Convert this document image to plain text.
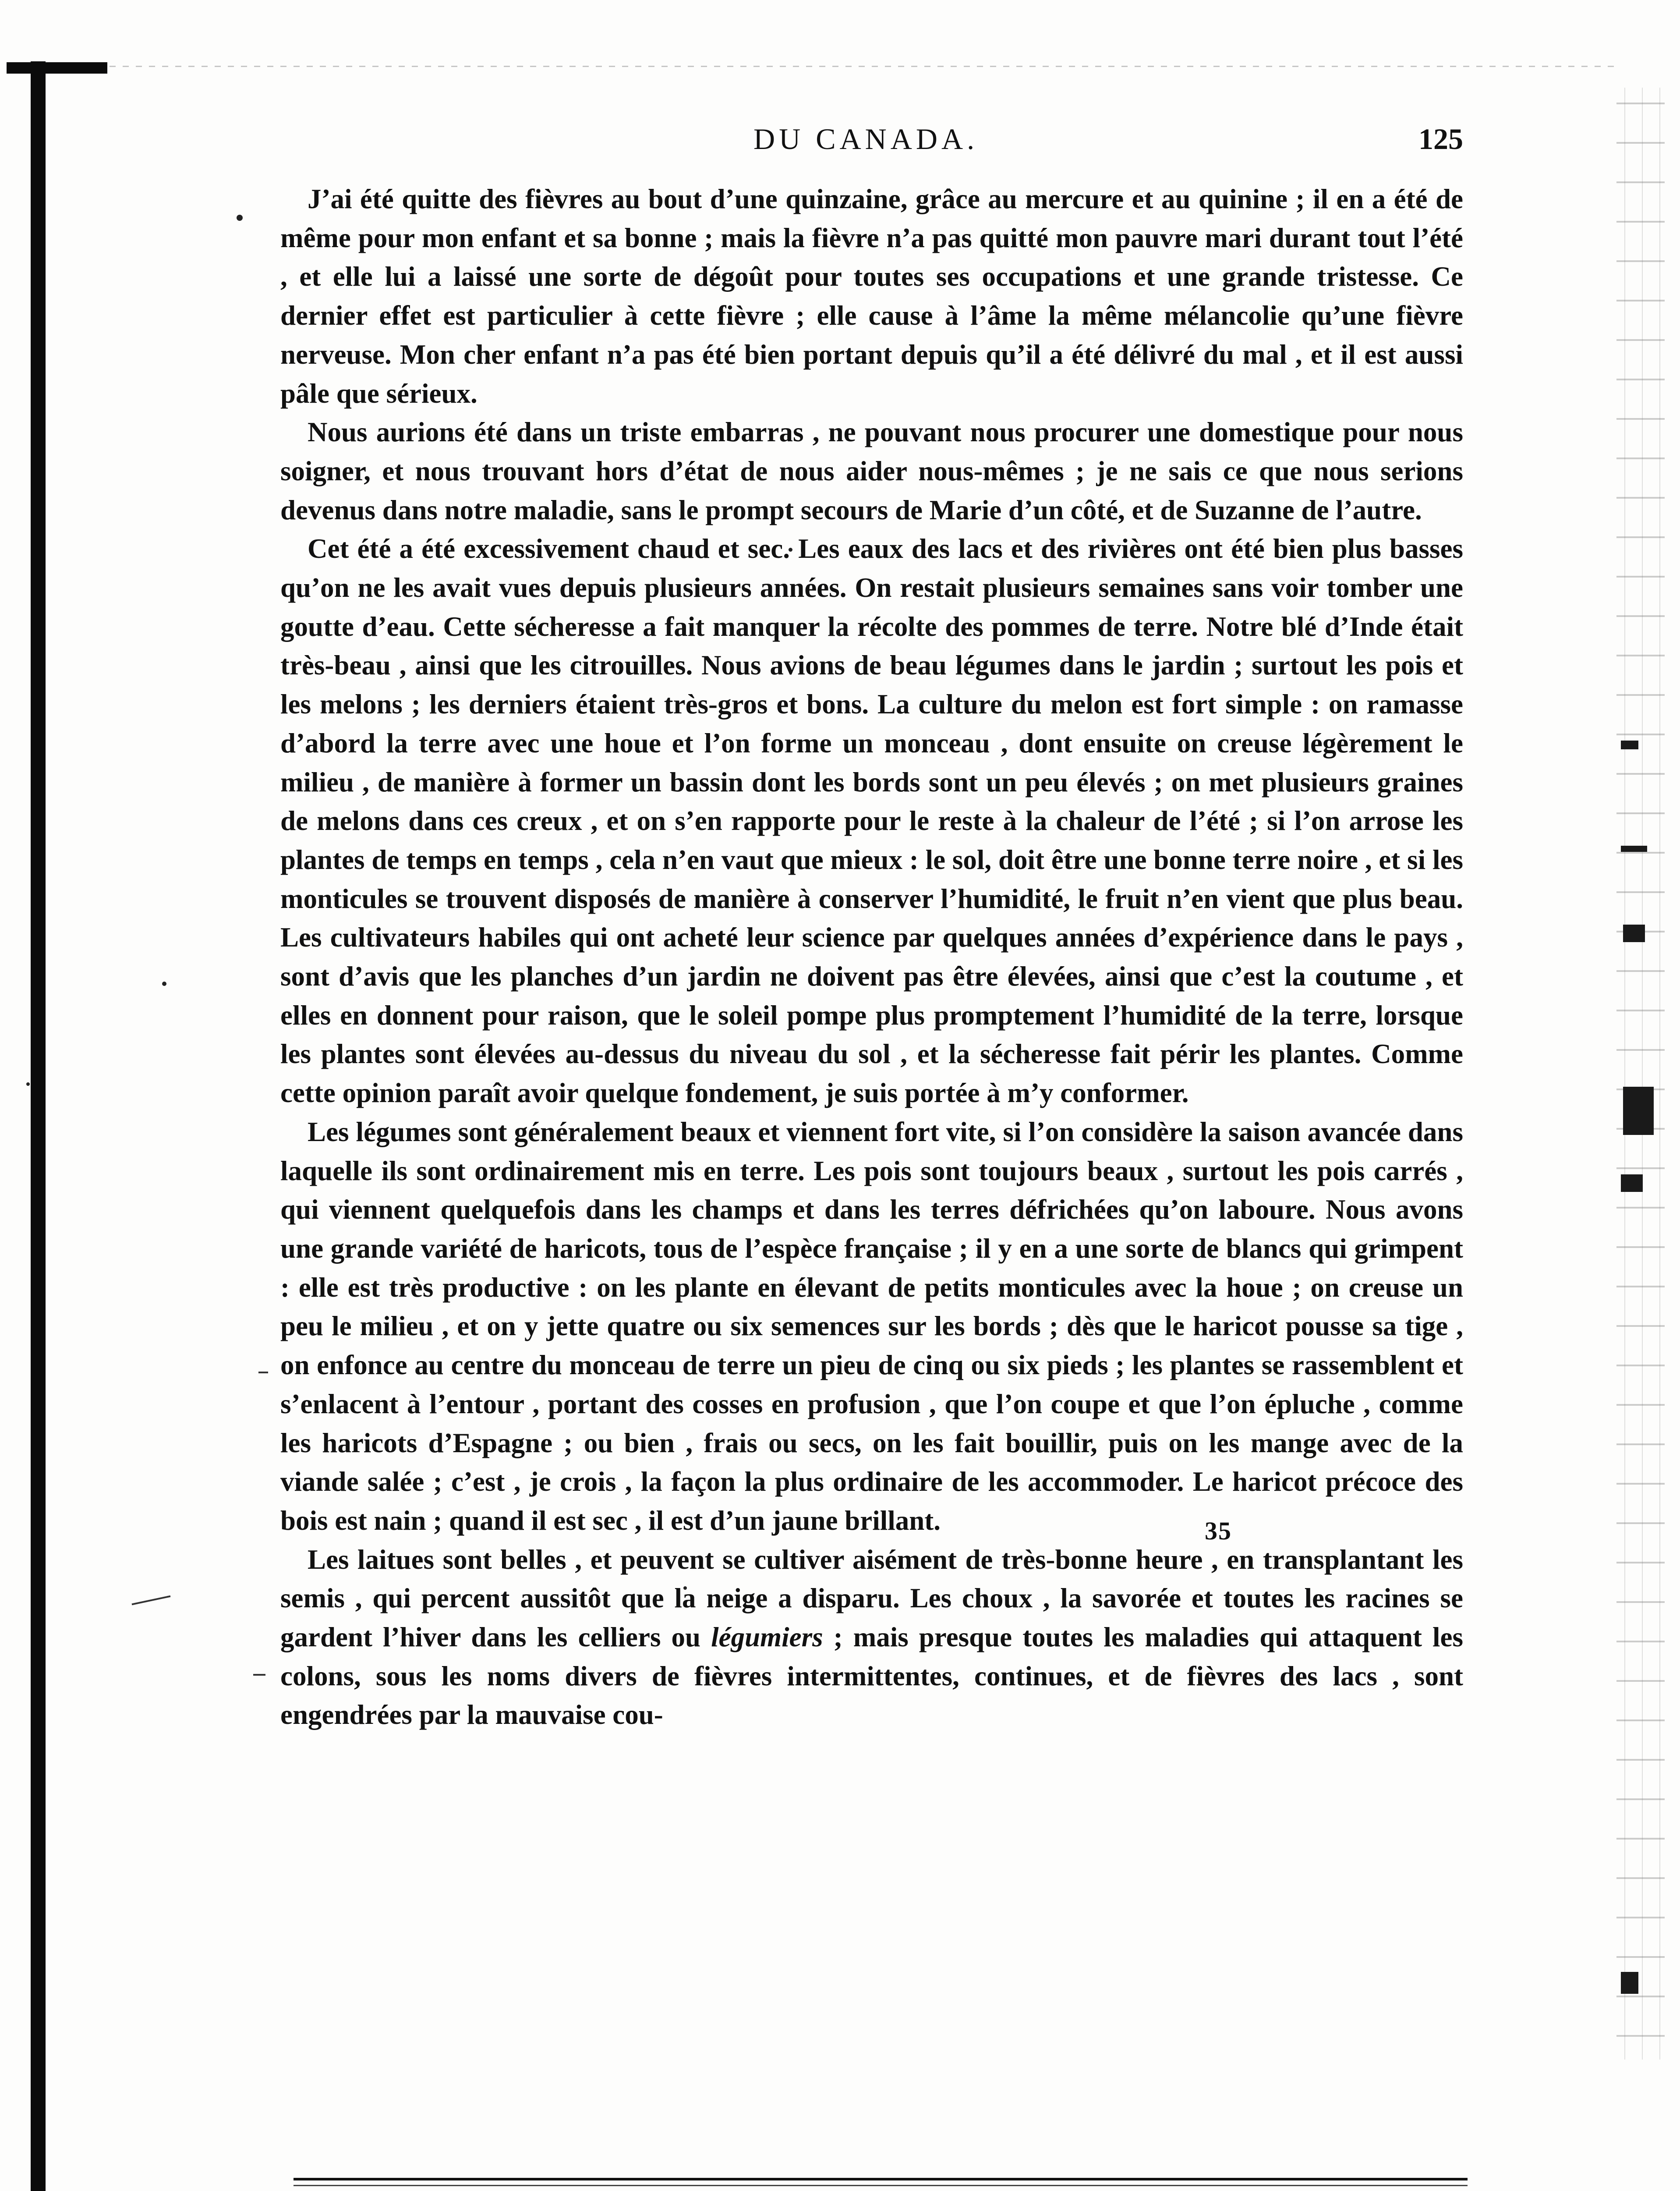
DU CANADA.	125

J’ai été quitte des fièvres au bout d’une quinzaine, grâce au mercure et au quinine ; il en a été de même pour mon enfant et sa bonne ; mais la fièvre n’a pas quitté mon pauvre mari durant tout l’été , et elle lui a laissé une sorte de dégoût pour toutes ses occupations et une grande tristesse. Ce dernier effet est particulier à cette fièvre ; elle cause à l’âme la même mélancolie qu’une fièvre nerveuse. Mon cher enfant n’a pas été bien portant depuis qu’il a été délivré du mal , et il est aussi pâle que sérieux.

Nous aurions été dans un triste embarras , ne pouvant nous procurer une domestique pour nous soigner, et nous trouvant hors d’état de nous aider nous-mêmes ; je ne sais ce que nous serions devenus dans notre maladie, sans le prompt secours de Marie d’un côté, et de Suzanne de l’autre.

Cet été a été excessivement chaud et sec. Les eaux des lacs et des rivières ont été bien plus basses qu’on ne les avait vues depuis plusieurs années. On restait plusieurs semaines sans voir tomber une goutte d’eau. Cette sécheresse a fait manquer la récolte des pommes de terre. Notre blé d’Inde était très-beau , ainsi que les citrouilles. Nous avions de beau légumes dans le jardin ; surtout les pois et les melons ; les derniers étaient très-gros et bons. La culture du melon est fort simple : on ramasse d’abord la terre avec une houe et l’on forme un monceau , dont ensuite on creuse légèrement le milieu , de manière à former un bassin dont les bords sont un peu élevés ; on met plusieurs graines de melons dans ces creux , et on s’en rapporte pour le reste à la chaleur de l’été ; si l’on arrose les plantes de temps en temps , cela n’en vaut que mieux : le sol, doit être une bonne terre noire , et si les monticules se trouvent disposés de manière à conserver l’humidité, le fruit n’en vient que plus beau. Les cultivateurs habiles qui ont acheté leur science par quelques années d’expérience dans le pays , sont d’avis que les planches d’un jardin ne doivent pas être élevées, ainsi que c’est la coutume , et elles en donnent pour raison, que le soleil pompe plus promptement l’humidité de la terre, lorsque les plantes sont élevées au-dessus du niveau du sol , et la sécheresse fait périr les plantes. Comme cette opinion paraît avoir quelque fondement, je suis portée à m’y conformer.

Les légumes sont généralement beaux et viennent fort vite, si l’on considère la saison avancée dans laquelle ils sont ordinairement mis en terre. Les pois sont toujours beaux , surtout les pois carrés , qui viennent quelquefois dans les champs et dans les terres défrichées qu’on laboure. Nous avons une grande variété de haricots, tous de l’espèce française ; il y en a une sorte de blancs qui grimpent : elle est très productive : on les plante en élevant de petits monticules avec la houe ; on creuse un peu le milieu , et on y jette quatre ou six semences sur les bords ; dès que le haricot pousse sa tige , on enfonce au centre du monceau de terre un pieu de cinq ou six pieds ; les plantes se rassemblent et s’enlacent à l’entour , portant des cosses en profusion , que l’on coupe et que l’on épluche , comme les haricots d’Espagne ; ou bien , frais ou secs, on les fait bouillir, puis on les mange avec de la viande salée ; c’est , je crois , la façon la plus ordinaire de les accommoder. Le haricot précoce des bois est nain ; quand il est sec , il est d’un jaune brillant.

Les laitues sont belles , et peuvent se cultiver aisément de très-bonne heure , en transplantant les semis , qui percent aussitôt que la neige a disparu. Les choux , la savorée et toutes les racines se gardent l’hiver dans les celliers ou légumiers ; mais presque toutes les maladies qui attaquent les colons, sous les noms divers de fièvres intermittentes, continues, et de fièvres des lacs , sont engendrées par la mauvaise cou-

35
